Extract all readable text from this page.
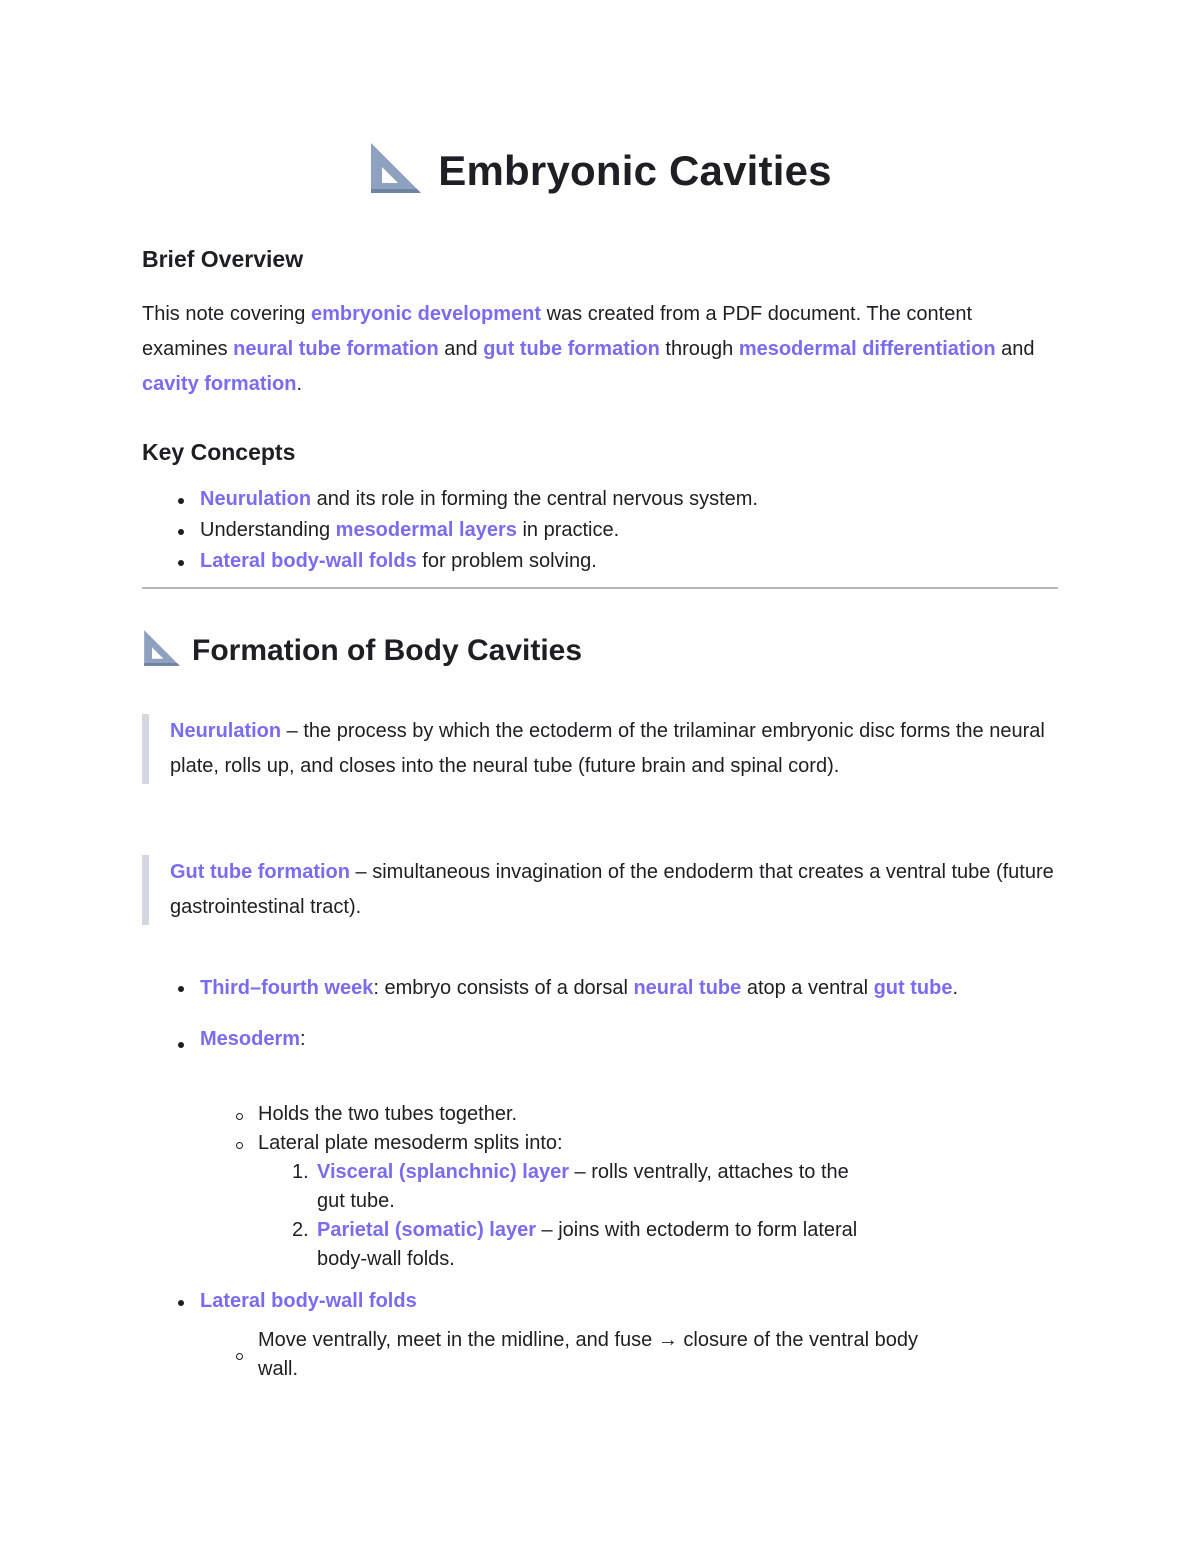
Embryonic Cavities
Brief Overview

This note covering embryonic development was created from a PDF document. The content examines neural tube formation and gut tube formation through mesodermal differentiation and cavity formation.

Key Concepts
Neurulation and its role in forming the central nervous system.
Understanding mesodermal layers in practice.
Lateral body-wall folds for problem solving.
Formation of Body Cavities
Neurulation – the process by which the ectoderm of the trilaminar embryonic disc forms the neural plate, rolls up, and closes into the neural tube (future brain and spinal cord).
Gut tube formation – simultaneous invagination of the endoderm that creates a ventral tube (future gastrointestinal tract).
Third–fourth week: embryo consists of a dorsal neural tube atop a ventral gut tube.
Mesoderm:
Holds the two tubes together.
Lateral plate mesoderm splits into:
1. Visceral (splanchnic) layer – rolls ventrally, attaches to the gut tube.
2. Parietal (somatic) layer – joins with ectoderm to form lateral body-wall folds.
Lateral body-wall folds
Move ventrally, meet in the midline, and fuse → closure of the ventral body wall.
